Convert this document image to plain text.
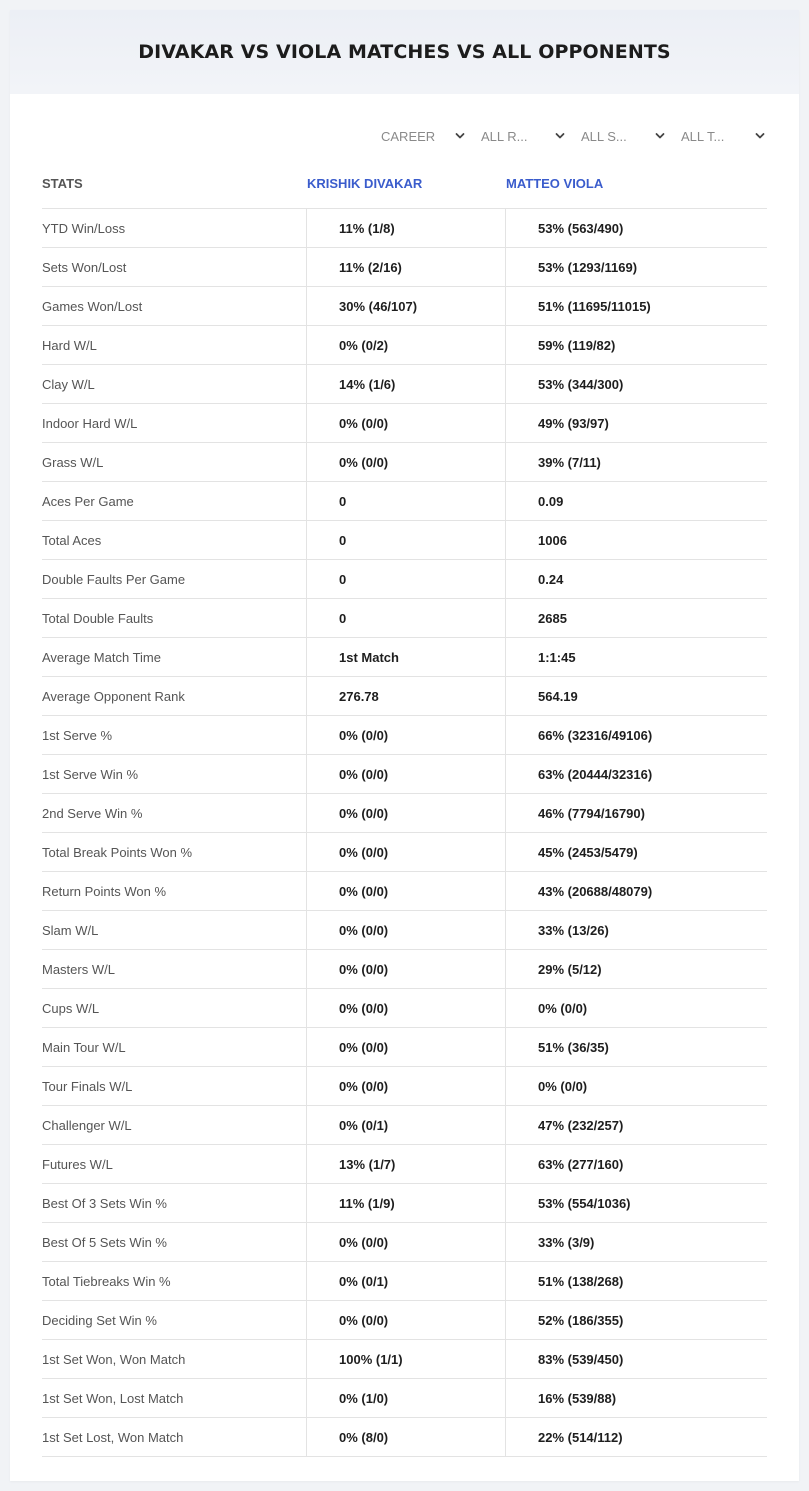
DIVAKAR VS VIOLA MATCHES VS ALL OPPONENTS
CAREER	ALL R...	ALL S...	ALL T...
STATS	KRISHIK DIVAKAR	MATTEO VIOLA
YTD Win/Loss	11% (1/8)	53% (563/490)
Sets Won/Lost	11% (2/16)	53% (1293/1169)
Games Won/Lost	30% (46/107)	51% (11695/11015)
Hard W/L	0% (0/2)	59% (119/82)
Clay W/L	14% (1/6)	53% (344/300)
Indoor Hard W/L	0% (0/0)	49% (93/97)
Grass W/L	0% (0/0)	39% (7/11)
Aces Per Game	0	0.09
Total Aces	0	1006
Double Faults Per Game	0	0.24
Total Double Faults	0	2685
Average Match Time	1st Match	1:1:45
Average Opponent Rank	276.78	564.19
1st Serve %	0% (0/0)	66% (32316/49106)
1st Serve Win %	0% (0/0)	63% (20444/32316)
2nd Serve Win %	0% (0/0)	46% (7794/16790)
Total Break Points Won %	0% (0/0)	45% (2453/5479)
Return Points Won %	0% (0/0)	43% (20688/48079)
Slam W/L	0% (0/0)	33% (13/26)
Masters W/L	0% (0/0)	29% (5/12)
Cups W/L	0% (0/0)	0% (0/0)
Main Tour W/L	0% (0/0)	51% (36/35)
Tour Finals W/L	0% (0/0)	0% (0/0)
Challenger W/L	0% (0/1)	47% (232/257)
Futures W/L	13% (1/7)	63% (277/160)
Best Of 3 Sets Win %	11% (1/9)	53% (554/1036)
Best Of 5 Sets Win %	0% (0/0)	33% (3/9)
Total Tiebreaks Win %	0% (0/1)	51% (138/268)
Deciding Set Win %	0% (0/0)	52% (186/355)
1st Set Won, Won Match	100% (1/1)	83% (539/450)
1st Set Won, Lost Match	0% (1/0)	16% (539/88)
1st Set Lost, Won Match	0% (8/0)	22% (514/112)
